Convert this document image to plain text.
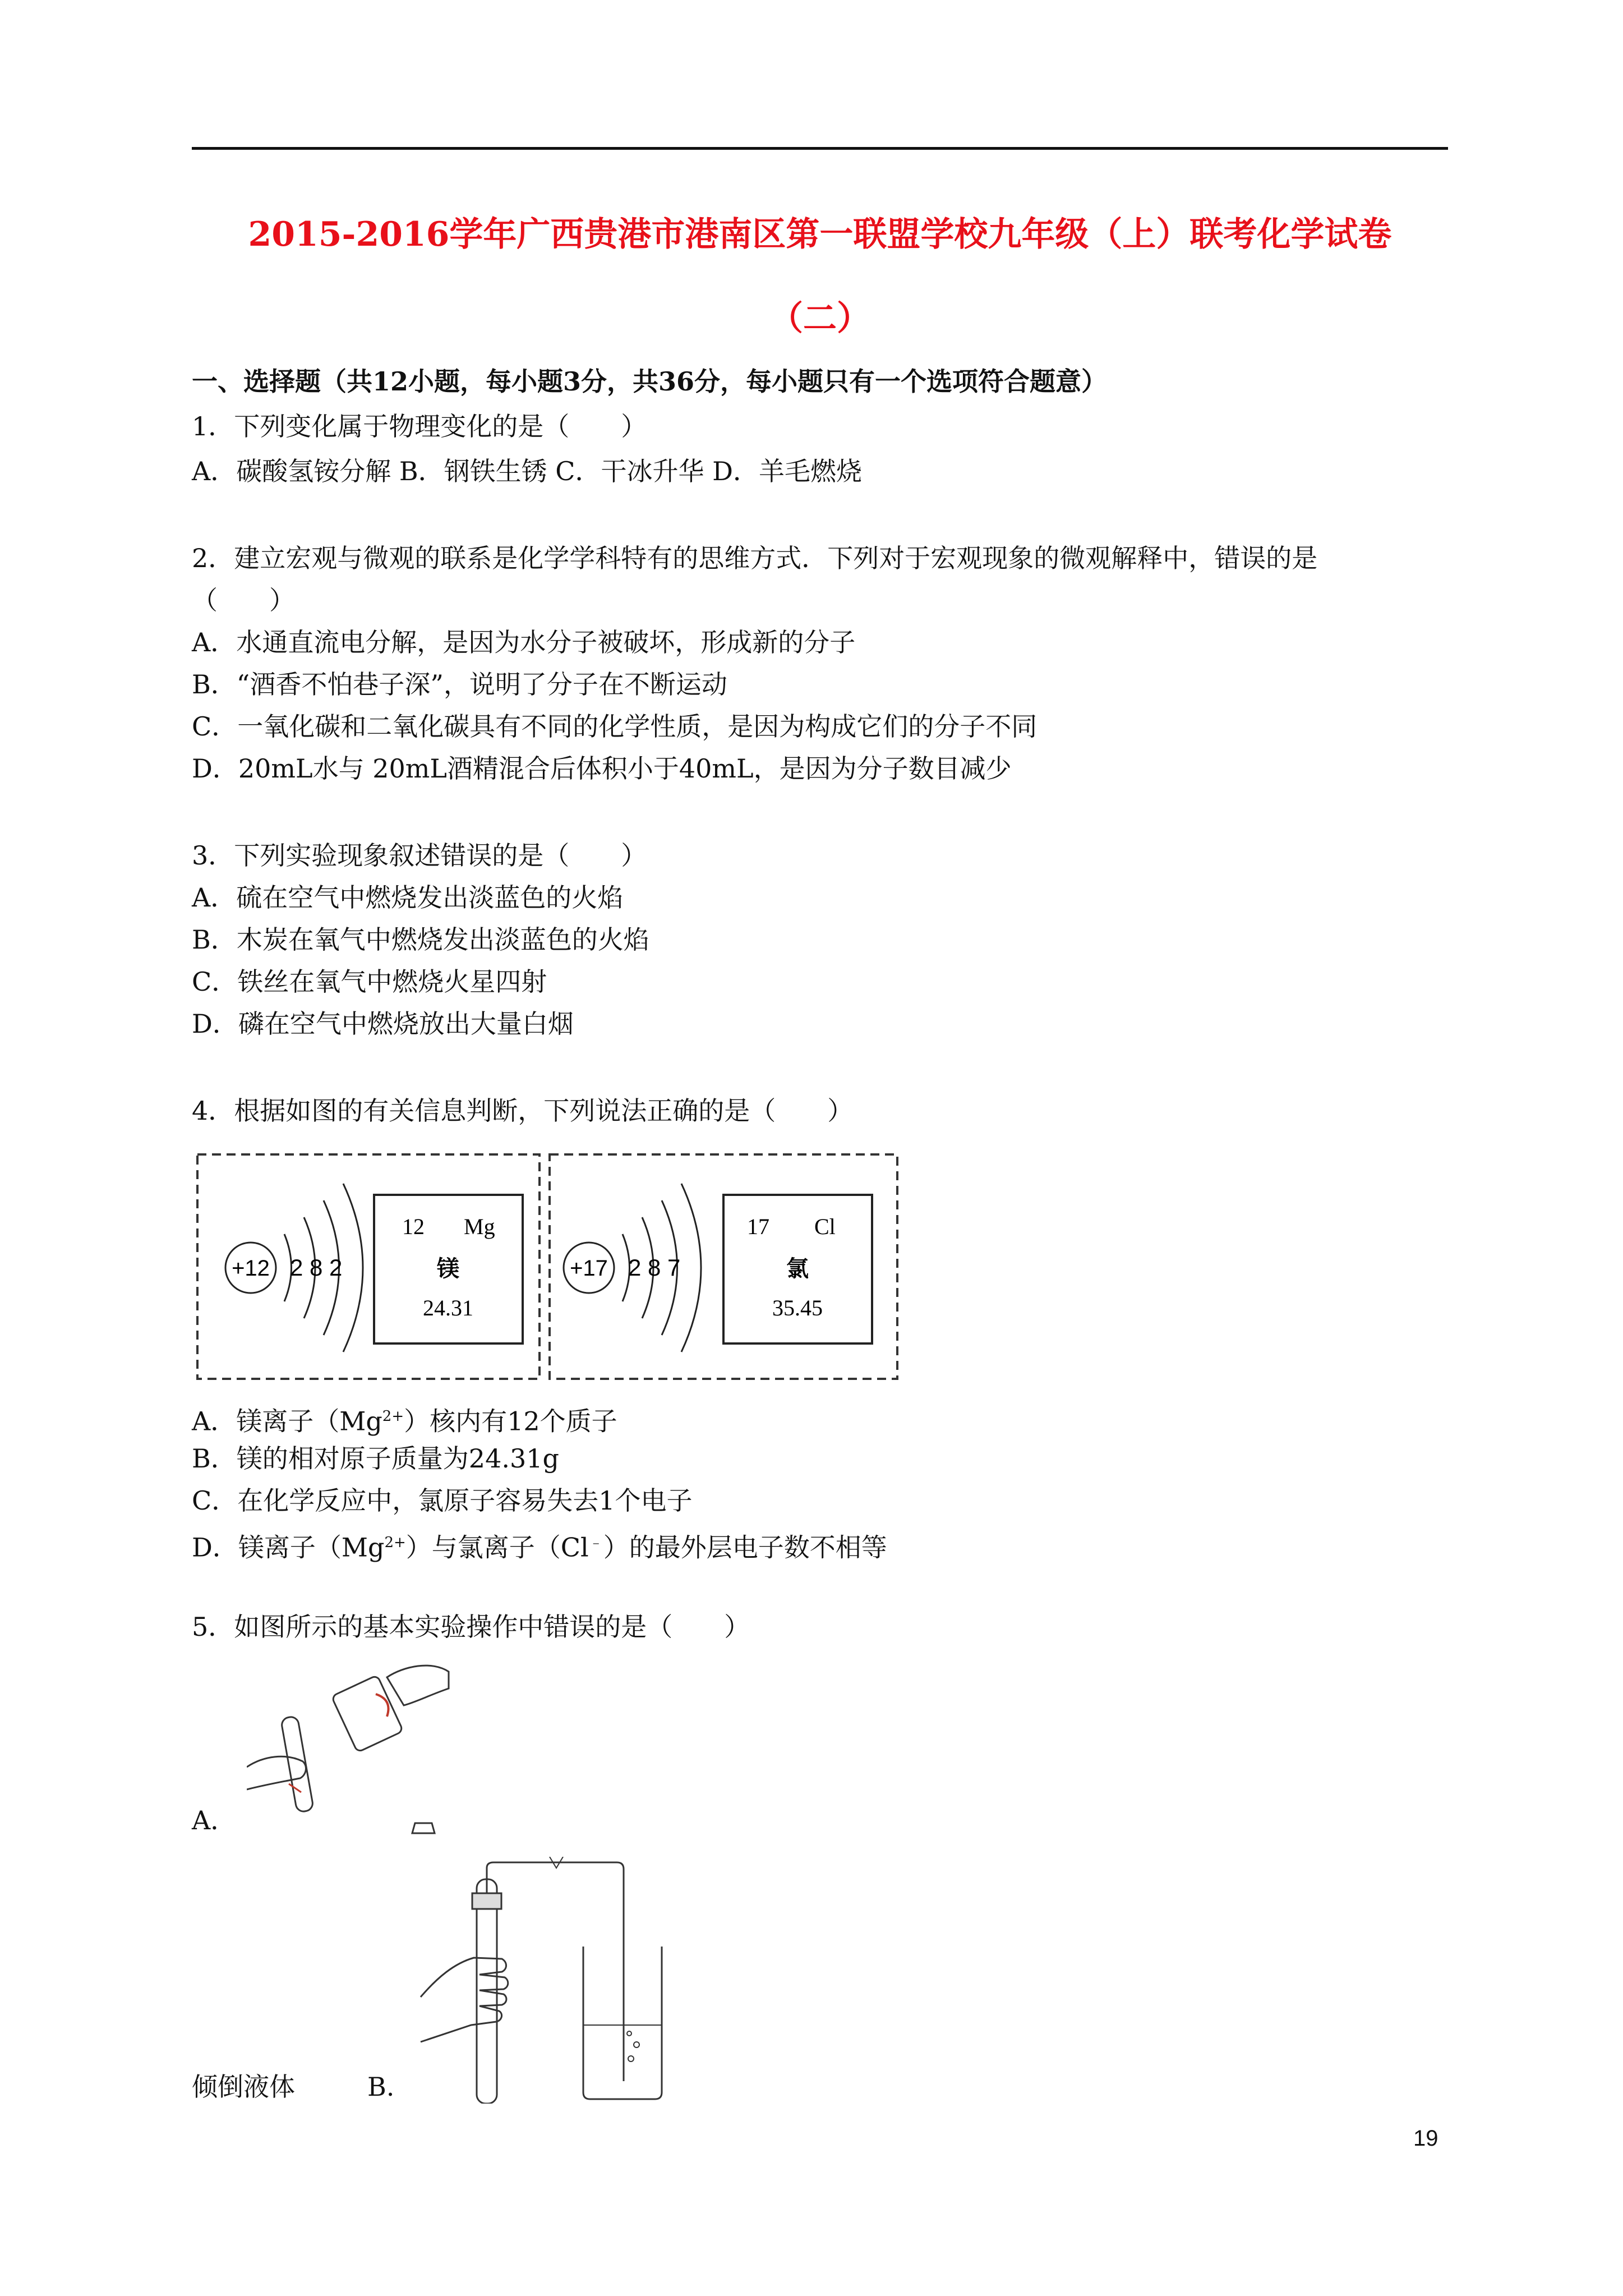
2015-2016学年广西贵港市港南区第一联盟学校九年级（上）联考化学试卷
（二）
一、选择题（共12小题，每小题3分，共36分，每小题只有一个选项符合题意）
1．下列变化属于物理变化的是（　　）
A．碳酸氢铵分解 B．钢铁生锈 C．干冰升华 D．羊毛燃烧
2．建立宏观与微观的联系是化学学科特有的思维方式．下列对于宏观现象的微观解释中，错误的是
（　　）
A．水通直流电分解，是因为水分子被破坏，形成新的分子
B．“酒香不怕巷子深”，说明了分子在不断运动
C．一氧化碳和二氧化碳具有不同的化学性质，是因为构成它们的分子不同
D．20mL水与 20mL酒精混合后体积小于40mL，是因为分子数目减少
3．下列实验现象叙述错误的是（　　）
A．硫在空气中燃烧发出淡蓝色的火焰
B．木炭在氧气中燃烧发出淡蓝色的火焰
C．铁丝在氧气中燃烧火星四射
D．磷在空气中燃烧放出大量白烟
4．根据如图的有关信息判断，下列说法正确的是（　　）
+12 2 8 2
12 Mg
镁
24.31
+17 2 8 7
17 Cl
氯
35.45
A．镁离子$(Mg^{2+})$核内有12个质子
B．镁的相对原子质量为24.31g
C．在化学反应中，氯原子容易失去1个电子
D．镁离子$(Mg^{2+})$与氯离子（Cl﹣）的最外层电子数不相等
5．如图所示的基本实验操作中错误的是（　　）
A．
倾倒液体	B.
19
